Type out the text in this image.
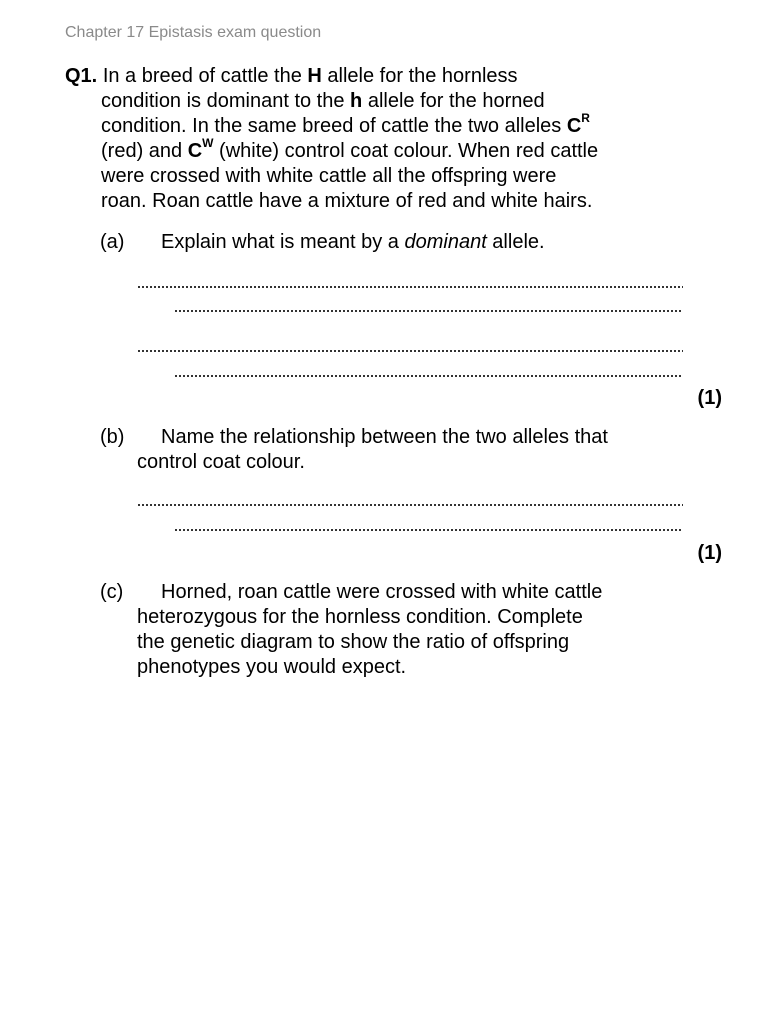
Chapter 17 Epistasis exam question
Q1. In a breed of cattle the H allele for the hornless
condition is dominant to the h allele for the horned
condition. In the same breed of cattle the two alleles $C^R$
(red) and $C^W$ (white) control coat colour. When red cattle
were crossed with white cattle all the offspring were
roan. Roan cattle have a mixture of red and white hairs.
(a) Explain what is meant by a dominant allele.
(1)
(b) Name the relationship between the two alleles that
control coat colour.
(1)
(c) Horned, roan cattle were crossed with white cattle
heterozygous for the hornless condition. Complete
the genetic diagram to show the ratio of offspring
phenotypes you would expect.
